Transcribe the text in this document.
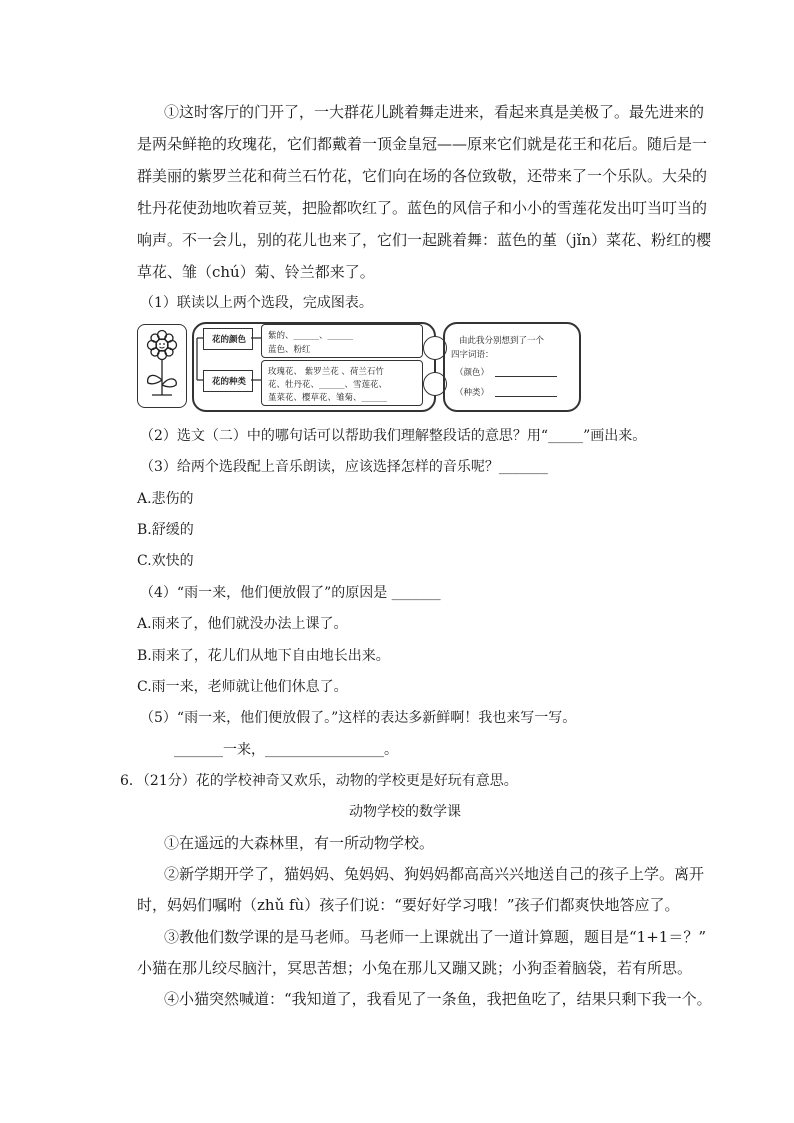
①这时客厅的门开了，一大群花儿跳着舞走进来，看起来真是美极了。最先进来的
是两朵鲜艳的玫瑰花，它们都戴着一顶金皇冠——原来它们就是花王和花后。随后是一
群美丽的紫罗兰花和荷兰石竹花，它们向在场的各位致敬，还带来了一个乐队。大朵的
牡丹花使劲地吹着豆荚，把脸都吹红了。蓝色的风信子和小小的雪莲花发出叮当叮当的
响声。不一会儿，别的花儿也来了，它们一起跳着舞：蓝色的堇（jǐn）菜花、粉红的樱
草花、雏（chú）菊、铃兰都来了。
（1）联读以上两个选段，完成图表。
花的颜色	紫的、______、______
蓝色、粉红
花的种类
玫瑰花、 紫罗兰花 、荷兰石竹
花、牡丹花、______、雪莲花、
堇菜花、樱草花、雏菊、______
由此我分别想到了一个
四字词语：
（颜色）
（种类）
（2）选文（二）中的哪句话可以帮助我们理解整段话的意思？用“_____”画出来。
（3）给两个选段配上音乐朗读，应该选择怎样的音乐呢？_______
A.悲伤的
B.舒缓的
C.欢快的
（4）“雨一来，他们便放假了”的原因是 _______
A.雨来了，他们就没办法上课了。
B.雨来了，花儿们从地下自由地长出来。
C.雨一来，老师就让他们休息了。
（5）“雨一来，他们便放假了。”这样的表达多新鲜啊！我也来写一写。
_______一来，_________________。
6．（21分）花的学校神奇又欢乐，动物的学校更是好玩有意思。
动物学校的数学课
①在遥远的大森林里，有一所动物学校。
②新学期开学了，猫妈妈、兔妈妈、狗妈妈都高高兴兴地送自己的孩子上学。离开
时，妈妈们嘱咐（zhǔ fù）孩子们说：“要好好学习哦！”孩子们都爽快地答应了。
③教他们数学课的是马老师。马老师一上课就出了一道计算题，题目是“1+1＝？”
小猫在那儿绞尽脑汁，冥思苦想；小兔在那儿又蹦又跳；小狗歪着脑袋，若有所思。
④小猫突然喊道：“我知道了，我看见了一条鱼，我把鱼吃了，结果只剩下我一个。
